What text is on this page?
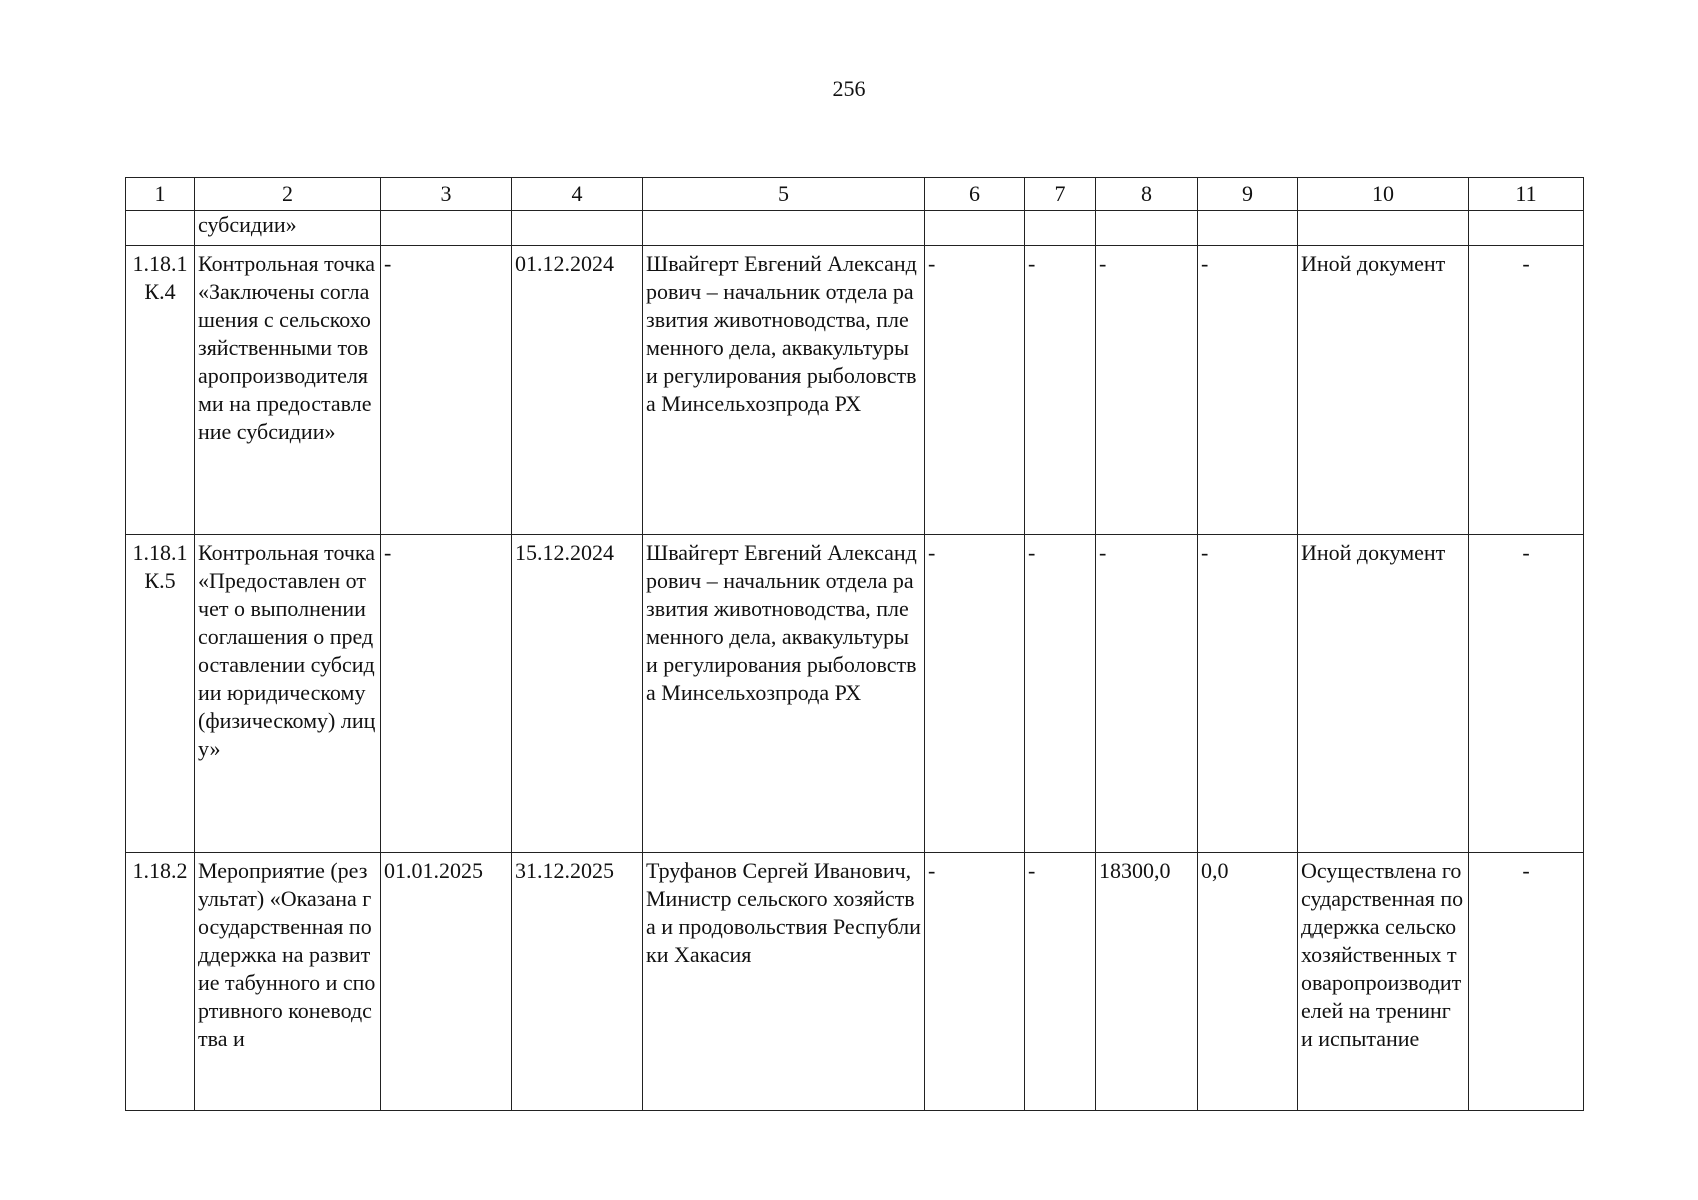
256
1	2	3	4	5	6	7	8	9	10	11
	субсидии»									
1.18.1 К.4	Контрольная точка «Заключены соглашения с сельскохозяйственными товаропроизводителями на предоставление субсидии»	-	01.12.2024	Швайгерт Евгений Александрович – начальник отдела развития животноводства, племенного дела, аквакультуры и регулирования рыболовства Минсельхозпрода РХ	-	-	-	-	Иной документ	-
1.18.1 К.5	Контрольная точка «Предоставлен отчет о выполнении соглашения о предоставлении субсидии юридическому (физическому) лицу»	-	15.12.2024	Швайгерт Евгений Александрович – начальник отдела развития животноводства, племенного дела, аквакультуры и регулирования рыболовства Минсельхозпрода РХ	-	-	-	-	Иной документ	-
1.18.2	Мероприятие (результат) «Оказана государственная поддержка на развитие табунного и спортивного коневодства и	01.01.2025	31.12.2025	Труфанов Сергей Иванович, Министр сельского хозяйства и продовольствия Республики Хакасия	-	-	18300,0	0,0	Осуществлена государственная поддержка сельскохозяйственных товаропроизводителей на тренинг и испытание	-
